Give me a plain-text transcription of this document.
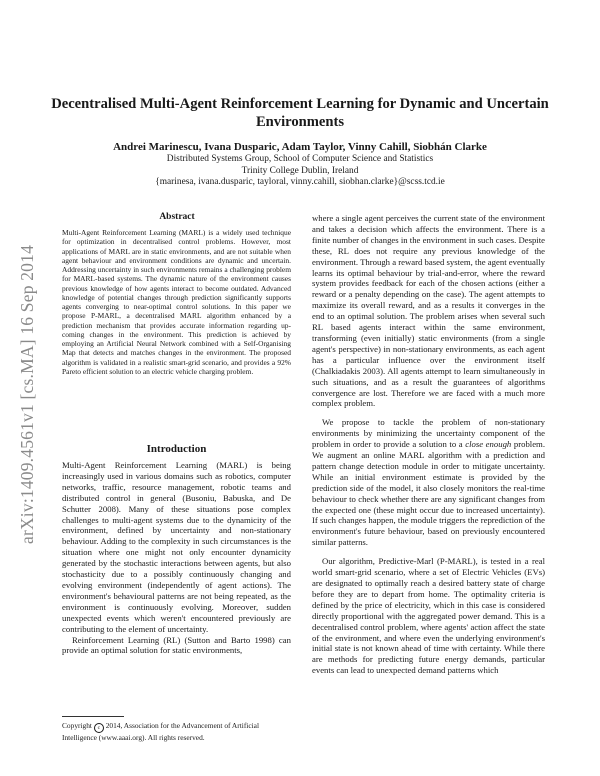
Decentralised Multi-Agent Reinforcement Learning for Dynamic and Uncertain Environments
Andrei Marinescu, Ivana Dusparic, Adam Taylor, Vinny Cahill, Siobhán Clarke
Distributed Systems Group, School of Computer Science and Statistics
Trinity College Dublin, Ireland
{marinesa, ivana.dusparic, tayloral, vinny.cahill, siobhan.clarke}@scss.tcd.ie
arXiv:1409.4561v1 [cs.MA] 16 Sep 2014
Abstract
Multi-Agent Reinforcement Learning (MARL) is a widely used technique for optimization in decentralised control problems. However, most applications of MARL are in static environments, and are not suitable when agent behaviour and environment conditions are dynamic and uncertain. Addressing uncertainty in such environments remains a challenging problem for MARL-based systems. The dynamic nature of the environment causes previous knowledge of how agents interact to become outdated. Advanced knowledge of potential changes through prediction significantly supports agents converging to near-optimal control solutions. In this paper we propose P-MARL, a decentralised MARL algorithm enhanced by a prediction mechanism that provides accurate information regarding up-coming changes in the environment. This prediction is achieved by employing an Artificial Neural Network combined with a Self-Organising Map that detects and matches changes in the environment. The proposed algorithm is validated in a realistic smart-grid scenario, and provides a 92% Pareto efficient solution to an electric vehicle charging problem.
Introduction

Multi-Agent Reinforcement Learning (MARL) is being increasingly used in various domains such as robotics, computer networks, traffic, resource management, robotic teams and distributed control in general (Busoniu, Babuska, and De Schutter 2008). Many of these situations pose complex challenges to multi-agent systems due to the dynamicity of the environment, defined by uncertainty and non-stationary behaviour. Adding to the complexity in such circumstances is the situation where one might not only encounter dynamicity generated by the stochastic interactions between agents, but also stochasticity due to a possibly continuously changing and evolving environment (independently of agent actions). The environment's behavioural patterns are not being repeated, as the environment is continuously evolving. Moreover, sudden unexpected events which weren't encountered previously are contributing to the element of uncertainty.

Reinforcement Learning (RL) (Sutton and Barto 1998) can provide an optimal solution for static environments,

where a single agent perceives the current state of the environment and takes a decision which affects the environment. There is a finite number of changes in the environment in such cases. Despite these, RL does not require any previous knowledge of the environment. Through a reward based system, the agent eventually learns its optimal behaviour by trial-and-error, where the reward system provides feedback for each of the chosen actions (either a reward or a penalty depending on the case). The agent attempts to maximize its overall reward, and as a results it converges in the end to an optimal solution. The problem arises when several such RL based agents interact within the same environment, transforming (even initially) static environments (from a single agent's perspective) in non-stationary environments, as each agent has a particular influence over the environment itself (Chalkiadakis 2003). All agents attempt to learn simultaneously in such situations, and as a result the guarantees of algorithms convergence are lost. Therefore we are faced with a much more complex problem.

We propose to tackle the problem of non-stationary environments by minimizing the uncertainty component of the problem in order to provide a solution to a close enough problem. We augment an online MARL algorithm with a prediction and pattern change detection module in order to mitigate uncertainty. While an initial environment estimate is provided by the prediction side of the model, it also closely monitors the real-time behaviour to check whether there are any significant changes from the expected one (these might occur due to increased uncertainty). If such changes happen, the module triggers the reprediction of the environment's future behaviour, based on previously encountered similar patterns.

Our algorithm, Predictive-Marl (P-MARL), is tested in a real world smart-grid scenario, where a set of Electric Vehicles (EVs) are designated to optimally reach a desired battery state of charge before they are to depart from home. The optimality criteria is defined by the price of electricity, which in this case is considered directly proportional with the aggregated power demand. This is a decentralised control problem, where agents' action affect the state of the environment, and where even the underlying environment's initial state is not known ahead of time with certainty. While there are methods for predicting future energy demands, particular events can lead to unexpected demand patterns which

Copyright c 2014, Association for the Advancement of Artificial Intelligence (www.aaai.org). All rights reserved.
